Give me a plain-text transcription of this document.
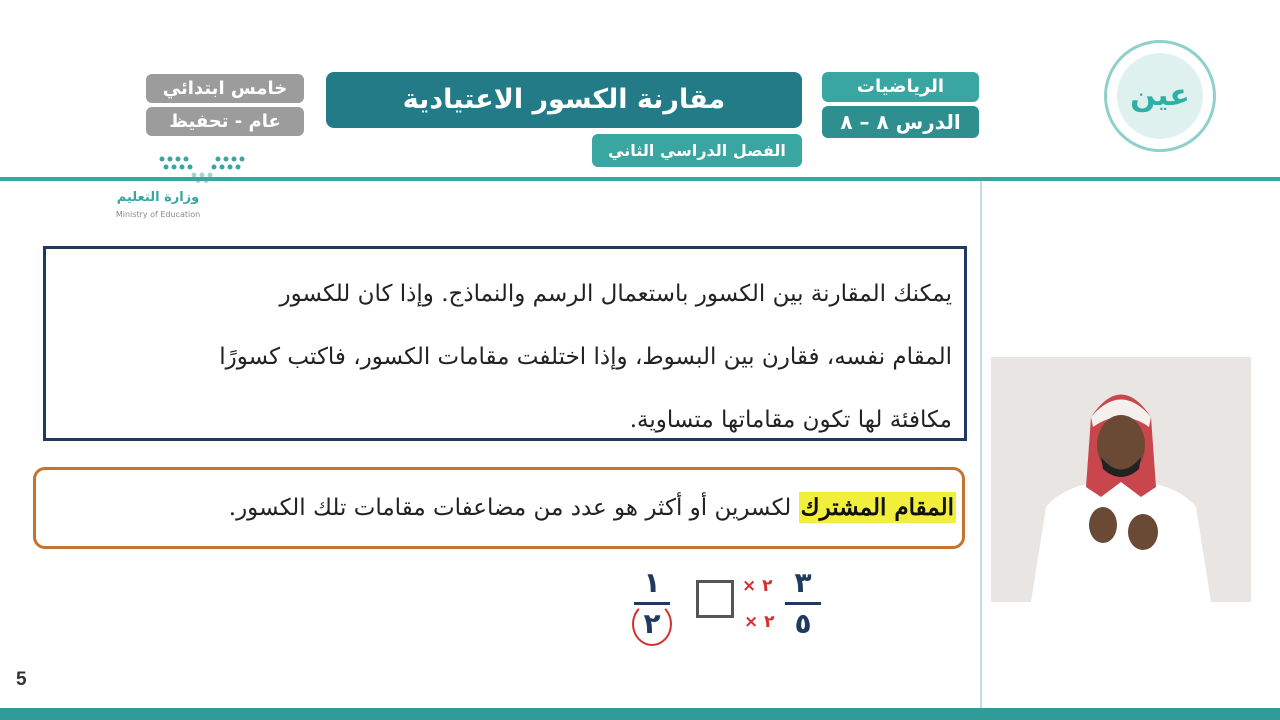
خامس ابتدائي
عام - تحفيظ
مقارنة الكسور الاعتيادية
الفصل الدراسي الثاني
الرياضيات
الدرس ٨ – ٨
عين
وزارة التعليم
Ministry of Education

يمكنك المقارنة بين الكسور باستعمال الرسم والنماذج. وإذا كان للكسور

المقام نفسه، فقارن بين البسوط، وإذا اختلفت مقامات الكسور، فاكتب كسورًا

مكافئة لها تكون مقاماتها متساوية.

المقام المشترك لكسرين أو أكثر هو عدد من مضاعفات مقامات تلك الكسور.
١
٢
× ٢
× ٢
٣
٥
5
